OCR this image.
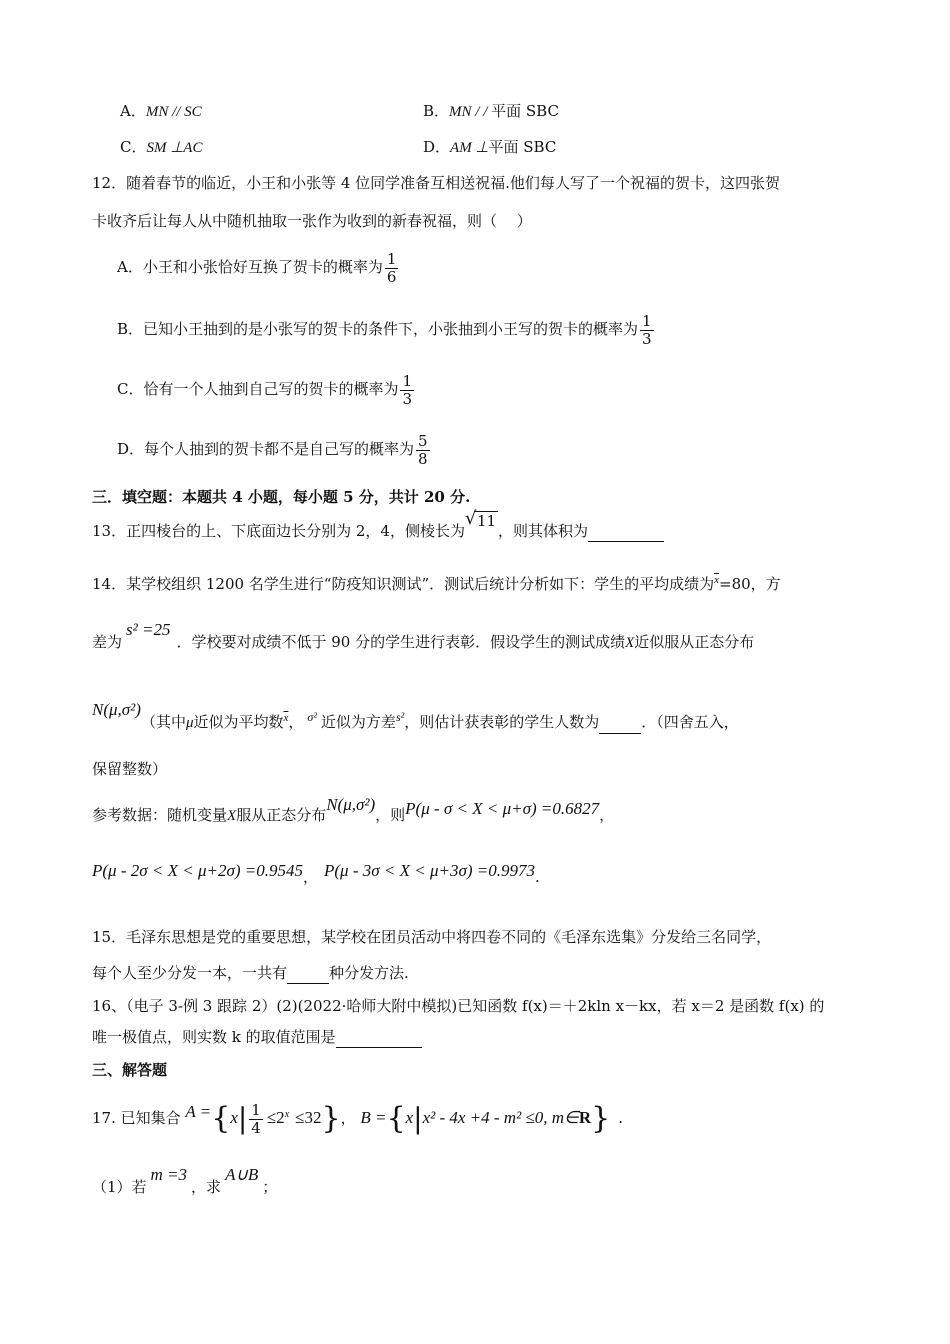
A．MN // SC	B．MN / / 平面 SBC
C．SM ⊥AC	D．AM ⊥平面 SBC
12．随着春节的临近，小王和小张等 4 位同学准备互相送祝福.他们每人写了一个祝福的贺卡，这四张贺
卡收齐后让每人从中随机抽取一张作为收到的新春祝福，则（　 ）
A．小王和小张恰好互换了贺卡的概率为 $\frac{1}{6}$
B．已知小王抽到的是小张写的贺卡的条件下，小张抽到小王写的贺卡的概率为 $\frac{1}{3}$
C．恰有一个人抽到自己写的贺卡的概率为 $\frac{1}{3}$
D．每个人抽到的贺卡都不是自己写的概率为 $\frac{5}{8}$
三．填空题：本题共 4 小题，每小题 5 分，共计 20 分.
13．正四棱台的上、下底面边长分别为 2，4，侧棱长为
√ 11，则其体积为
14．某学校组织 1200 名学生进行“防疫知识测试”．测试后统计分析如下：学生的平均成绩为$^{\overline{x}}$=80，方
差为s² =25．学校要对成绩不低于 90 分的学生进行表彰．假设学生的测试成绩X近似服从正态分布
N(μ,σ²)（其中μ近似为平均数$^{\overline{x}}$， $^{\sigma^2}$ 近似为方差$^{s^2}$，则估计获表彰的学生人数为	．（四舍五入，
保留整数）
参考数据：随机变量X服从正态分布N(μ,σ²)，则P(μ - σ < X < μ+σ) =0.6827，
P(μ - 2σ < X < μ+2σ) =0.9545， P(μ - 3σ < X < μ+3σ) =0.9973.
15．毛泽东思想是党的重要思想，某学校在团员活动中将四卷不同的《毛泽东选集》分发给三名同学，
每个人至少分发一本，一共有	种分发方法.
16、（电子 3-例 3 跟踪 2）(2)(2022·哈师大附中模拟)已知函数 f(x)＝＋2kln x－kx，若 x＝2 是函数 f(x) 的
唯一极值点，则实数 k 的取值范围是
三、解答题
17. 已知集合 $A =\{x| \frac{1}{4} \le 2^x \le 32\}$， B ={x|x² - 4x +4 - m² ≤0, m∈R} .
（1）若m =3，求A∪B；
